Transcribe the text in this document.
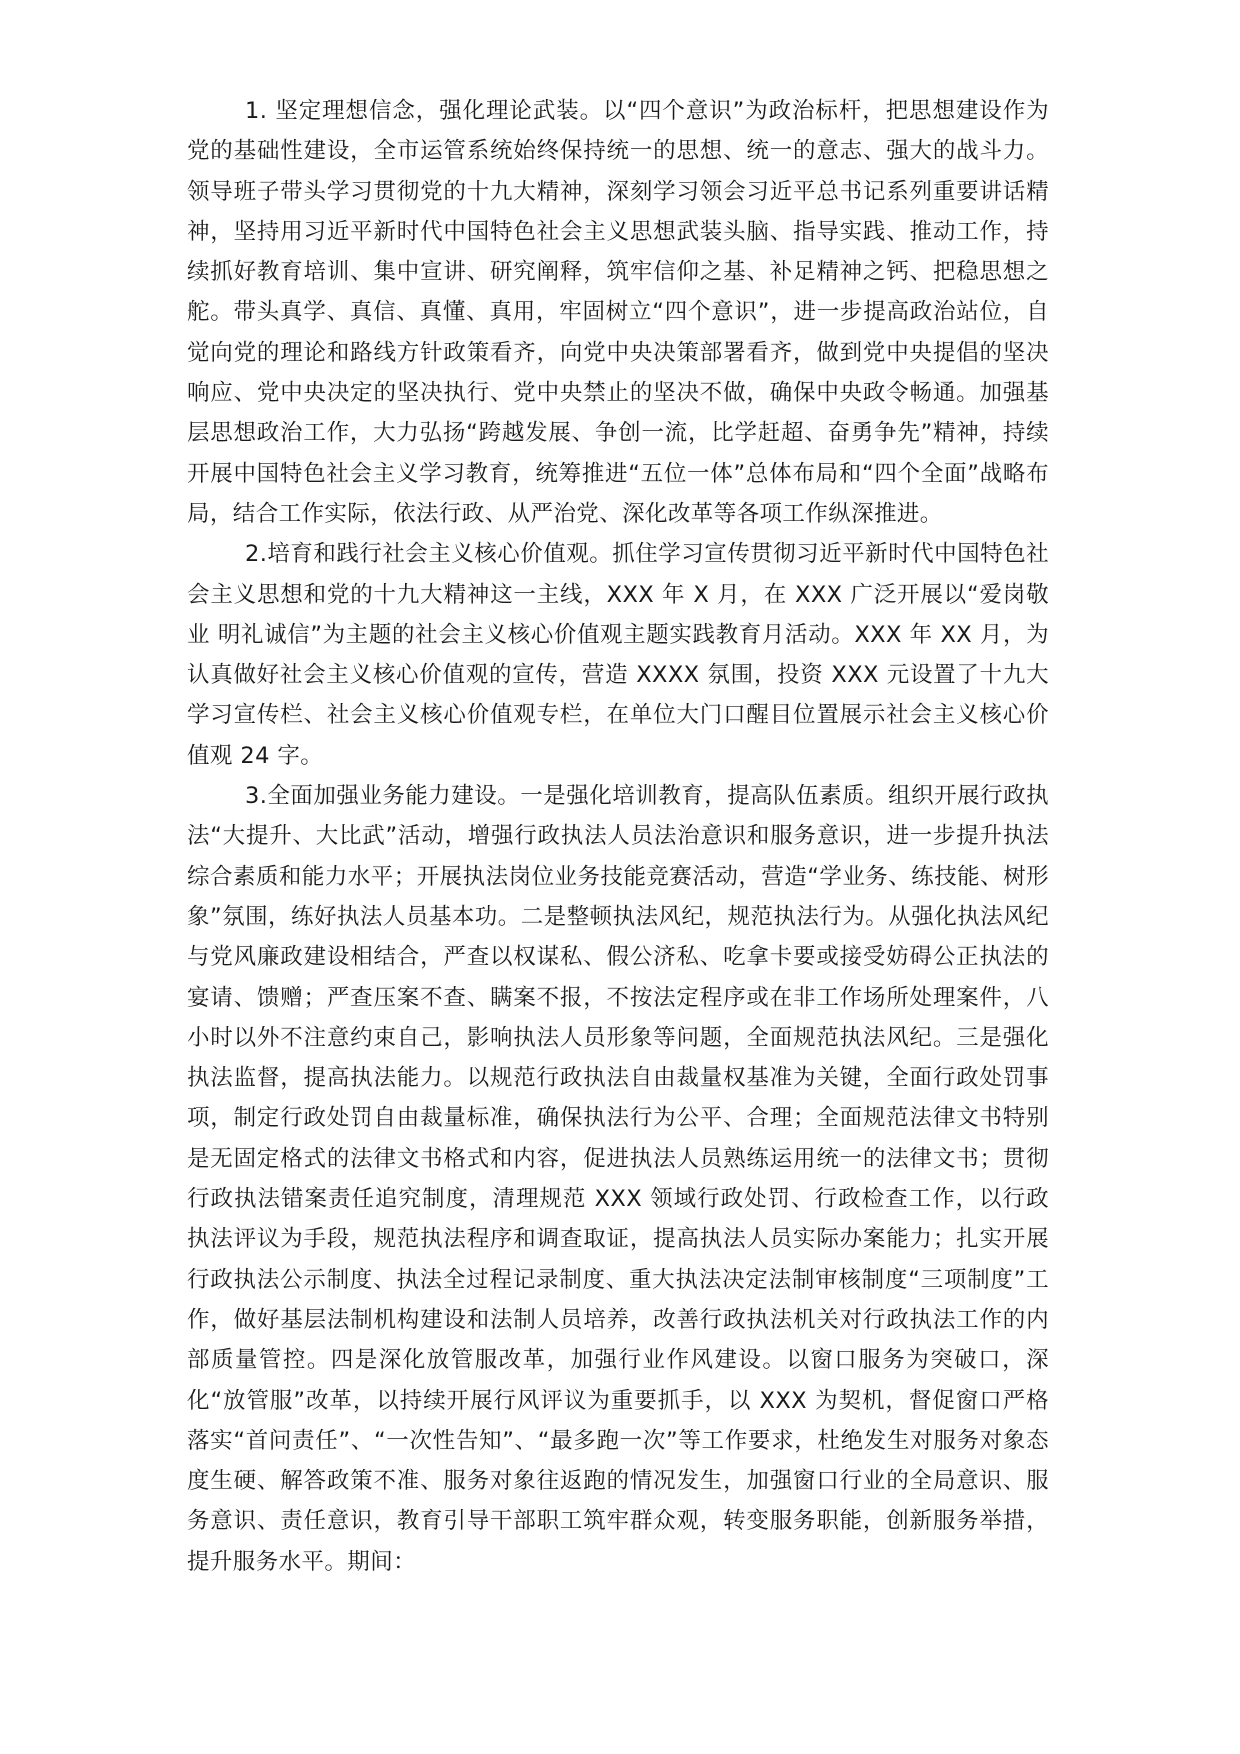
1. 坚定理想信念，强化理论武装。以“四个意识”为政治标杆，把思想建设作为党的基础性建设，全市运管系统始终保持统一的思想、统一的意志、强大的战斗力。领导班子带头学习贯彻党的十九大精神，深刻学习领会习近平总书记系列重要讲话精神，坚持用习近平新时代中国特色社会主义思想武装头脑、指导实践、推动工作，持续抓好教育培训、集中宣讲、研究阐释，筑牢信仰之基、补足精神之钙、把稳思想之舵。带头真学、真信、真懂、真用，牢固树立“四个意识”，进一步提高政治站位，自觉向党的理论和路线方针政策看齐，向党中央决策部署看齐，做到党中央提倡的坚决响应、党中央决定的坚决执行、党中央禁止的坚决不做，确保中央政令畅通。加强基层思想政治工作，大力弘扬“跨越发展、争创一流，比学赶超、奋勇争先”精神，持续开展中国特色社会主义学习教育，统筹推进“五位一体”总体布局和“四个全面”战略布局，结合工作实际，依法行政、从严治党、深化改革等各项工作纵深推进。

2.培育和践行社会主义核心价值观。抓住学习宣传贯彻习近平新时代中国特色社会主义思想和党的十九大精神这一主线，XXX 年 X 月，在 XXX 广泛开展以“爱岗敬业 明礼诚信”为主题的社会主义核心价值观主题实践教育月活动。XXX 年 XX 月，为认真做好社会主义核心价值观的宣传，营造 XXXX 氛围，投资 XXX 元设置了十九大学习宣传栏、社会主义核心价值观专栏，在单位大门口醒目位置展示社会主义核心价值观 24 字。

3.全面加强业务能力建设。一是强化培训教育，提高队伍素质。组织开展行政执法“大提升、大比武”活动，增强行政执法人员法治意识和服务意识，进一步提升执法综合素质和能力水平；开展执法岗位业务技能竞赛活动，营造“学业务、练技能、树形象”氛围，练好执法人员基本功。二是整顿执法风纪，规范执法行为。从强化执法风纪与党风廉政建设相结合，严查以权谋私、假公济私、吃拿卡要或接受妨碍公正执法的宴请、馈赠；严查压案不查、瞒案不报，不按法定程序或在非工作场所处理案件，八小时以外不注意约束自己，影响执法人员形象等问题，全面规范执法风纪。三是强化执法监督，提高执法能力。以规范行政执法自由裁量权基准为关键，全面行政处罚事项，制定行政处罚自由裁量标准，确保执法行为公平、合理；全面规范法律文书特别是无固定格式的法律文书格式和内容，促进执法人员熟练运用统一的法律文书；贯彻行政执法错案责任追究制度，清理规范 XXX 领域行政处罚、行政检查工作，以行政执法评议为手段，规范执法程序和调查取证，提高执法人员实际办案能力；扎实开展行政执法公示制度、执法全过程记录制度、重大执法决定法制审核制度“三项制度”工作，做好基层法制机构建设和法制人员培养，改善行政执法机关对行政执法工作的内部质量管控。四是深化放管服改革，加强行业作风建设。以窗口服务为突破口，深化“放管服”改革，以持续开展行风评议为重要抓手，以 XXX 为契机，督促窗口严格落实“首问责任”、“一次性告知”、“最多跑一次”等工作要求，杜绝发生对服务对象态度生硬、解答政策不准、服务对象往返跑的情况发生，加强窗口行业的全局意识、服务意识、责任意识，教育引导干部职工筑牢群众观，转变服务职能，创新服务举措，提升服务水平。期间：
